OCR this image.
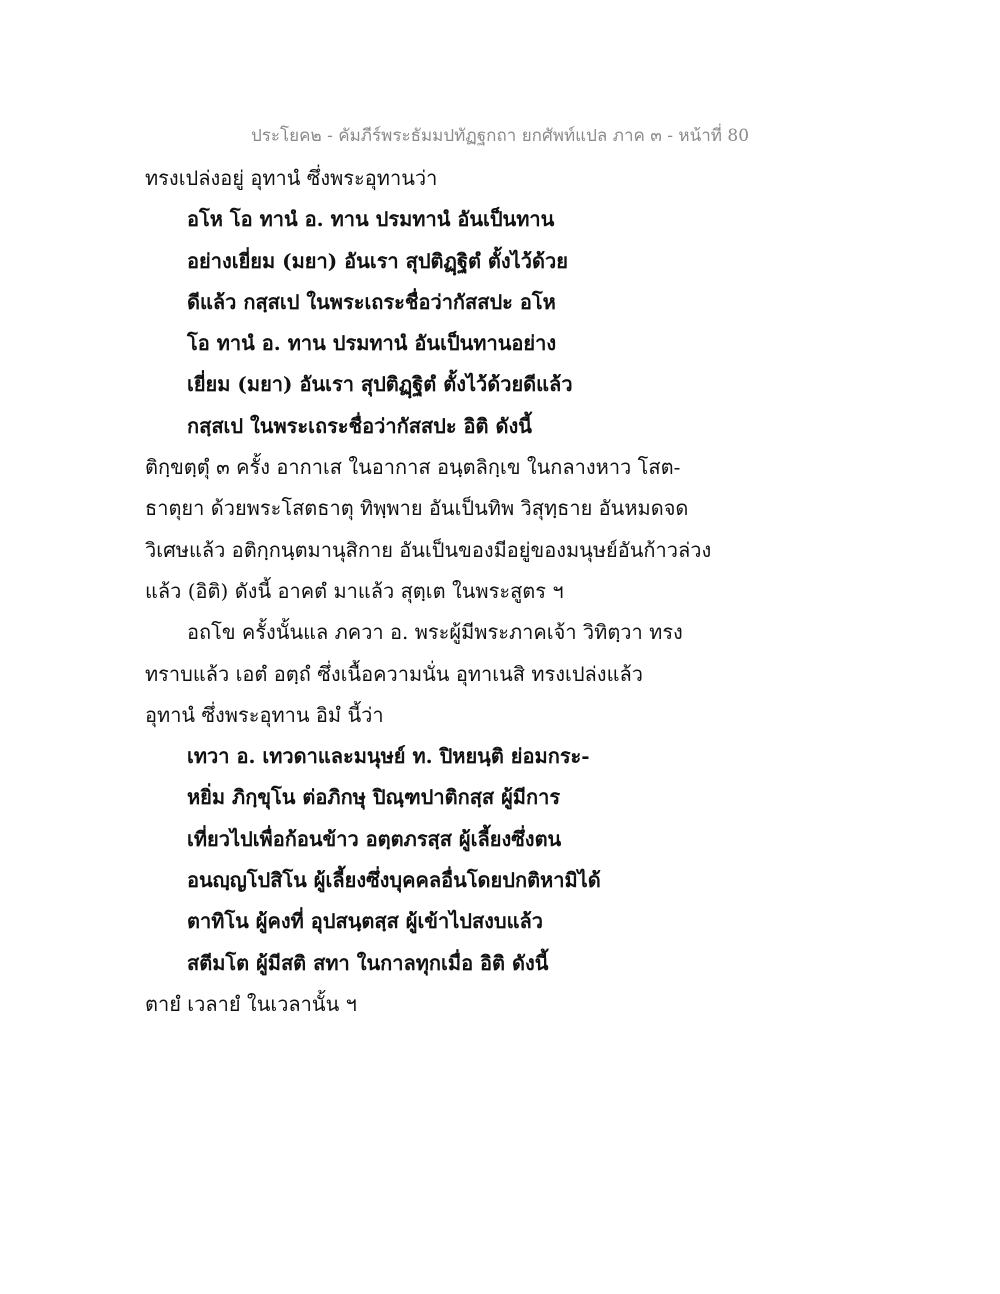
ประโยค๒ - คัมภีร์พระธัมมปทัฏฐกถา ยกศัพท์แปล ภาค ๓ - หน้าที่ 80
ทรงเปล่งอยู่ อุทานํ ซึ่งพระอุทานว่า
อโห โอ ทานํ อ. ทาน ปรมทานํ อันเป็นทาน
อย่างเยี่ยม (มยา) อันเรา สุปติฏฺฐิตํ ตั้งไว้ด้วย
ดีแล้ว กสฺสเป ในพระเถระชื่อว่ากัสสปะ อโห
โอ ทานํ อ. ทาน ปรมทานํ อันเป็นทานอย่าง
เยี่ยม (มยา) อันเรา สุปติฏฺฐิตํ ตั้งไว้ด้วยดีแล้ว
กสฺสเป ในพระเถระชื่อว่ากัสสปะ อิติ ดังนี้
ติกฺขตฺตุํ ๓ ครั้ง อากาเส ในอากาส อนฺตลิกฺเข ในกลางหาว โสต-
ธาตุยา ด้วยพระโสตธาตุ ทิพฺพาย อันเป็นทิพ วิสุทฺธาย อันหมดจด
วิเศษแล้ว อติกฺกนฺตมานุสิกาย อันเป็นของมีอยู่ของมนุษย์อันก้าวล่วง
แล้ว (อิติ) ดังนี้ อาคตํ มาแล้ว สุตฺเต ในพระสูตร ฯ
อถโข ครั้งนั้นแล ภควา อ. พระผู้มีพระภาคเจ้า วิทิตฺวา ทรง
ทราบแล้ว เอตํ อตฺถํ ซึ่งเนื้อความนั่น อุทาเนสิ ทรงเปล่งแล้ว
อุทานํ ซึ่งพระอุทาน อิมํ นี้ว่า
เทวา อ. เทวดาและมนุษย์ ท. ปิหยนฺติ ย่อมกระ-
หยิ่ม ภิกฺขุโน ต่อภิกษุ ปิณฺฑปาติกสฺส ผู้มีการ
เที่ยวไปเพื่อก้อนข้าว อตฺตภรสฺส ผู้เลี้ยงซึ่งตน
อนญฺญโปสิโน ผู้เลี้ยงซึ่งบุคคลอื่นโดยปกติหามิได้
ตาทิโน ผู้คงที่ อุปสนฺตสฺส ผู้เข้าไปสงบแล้ว
สตีมโต ผู้มีสติ สทา ในกาลทุกเมื่อ อิติ ดังนี้
ตายํ เวลายํ ในเวลานั้น ฯ
